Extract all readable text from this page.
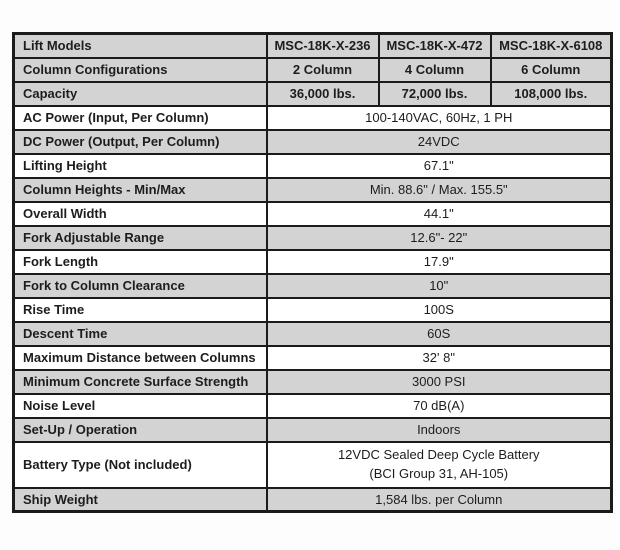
Lift Models	MSC-18K-X-236	MSC-18K-X-472	MSC-18K-X-6108
Column Configurations	2 Column	4 Column	6 Column
Capacity	36,000 lbs.	72,000 lbs.	108,000 lbs.
AC Power (Input, Per Column)	100-140VAC, 60Hz, 1 PH		
DC Power (Output, Per Column)	24VDC		
Lifting Height	67.1"		
Column Heights - Min/Max	Min. 88.6" / Max. 155.5"		
Overall Width	44.1"		
Fork Adjustable Range	12.6"- 22"		
Fork Length	17.9"		
Fork to Column Clearance	10"		
Rise Time	100S		
Descent Time	60S		
Maximum Distance between Columns	32' 8"		
Minimum Concrete Surface Strength	3000 PSI		
Noise Level	70 dB(A)		
Set-Up / Operation	Indoors		
Battery Type (Not included)	12VDC Sealed Deep Cycle Battery
(BCI Group 31, AH-105)		
Ship Weight	1,584 lbs. per Column		
